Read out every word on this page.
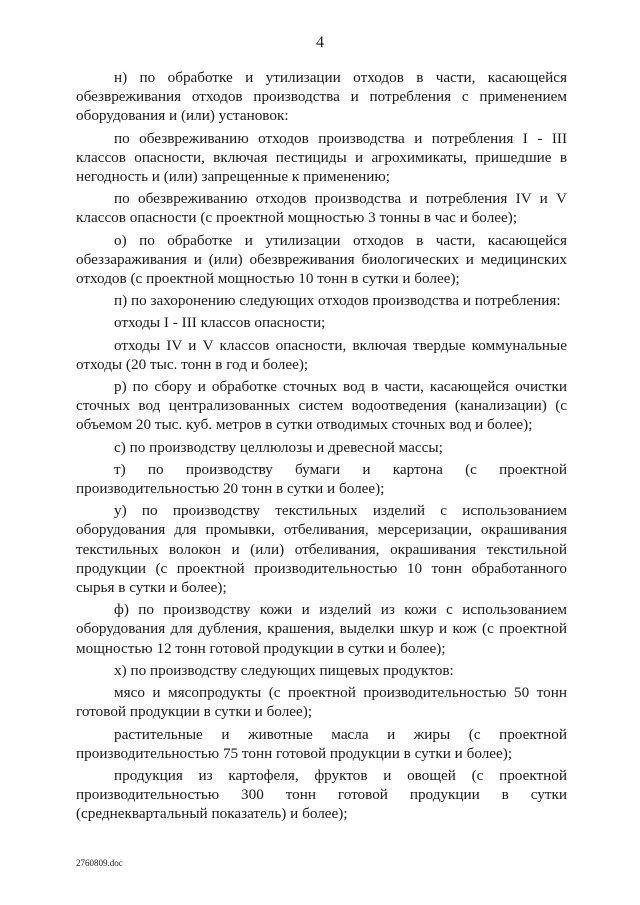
4

н) по обработке и утилизации отходов в части, касающейся обезвреживания отходов производства и потребления с применением оборудования и (или) установок:

по обезвреживанию отходов производства и потребления I - III классов опасности, включая пестициды и агрохимикаты, пришедшие в негодность и (или) запрещенные к применению;

по обезвреживанию отходов производства и потребления IV и V классов опасности (с проектной мощностью 3 тонны в час и более);

о) по обработке и утилизации отходов в части, касающейся обеззараживания и (или) обезвреживания биологических и медицинских отходов (с проектной мощностью 10 тонн в сутки и более);

п) по захоронению следующих отходов производства и потребления:

отходы I - III классов опасности;

отходы IV и V классов опасности, включая твердые коммунальные отходы (20 тыс. тонн в год и более);

р) по сбору и обработке сточных вод в части, касающейся очистки сточных вод централизованных систем водоотведения (канализации) (с объемом 20 тыс. куб. метров в сутки отводимых сточных вод и более);

с) по производству целлюлозы и древесной массы;

т) по производству бумаги и картона (с проектной производительностью 20 тонн в сутки и более);

у) по производству текстильных изделий с использованием оборудования для промывки, отбеливания, мерсеризации, окрашивания текстильных волокон и (или) отбеливания, окрашивания текстильной продукции (с проектной производительностью 10 тонн обработанного сырья в сутки и более);

ф) по производству кожи и изделий из кожи с использованием оборудования для дубления, крашения, выделки шкур и кож (с проектной мощностью 12 тонн готовой продукции в сутки и более);

х) по производству следующих пищевых продуктов:

мясо и мясопродукты (с проектной производительностью 50 тонн готовой продукции в сутки и более);

растительные и животные масла и жиры (с проектной производительностью 75 тонн готовой продукции в сутки и более);

продукция из картофеля, фруктов и овощей (с проектной производительностью 300 тонн готовой продукции в сутки (среднеквартальный показатель) и более);

2760809.doc
